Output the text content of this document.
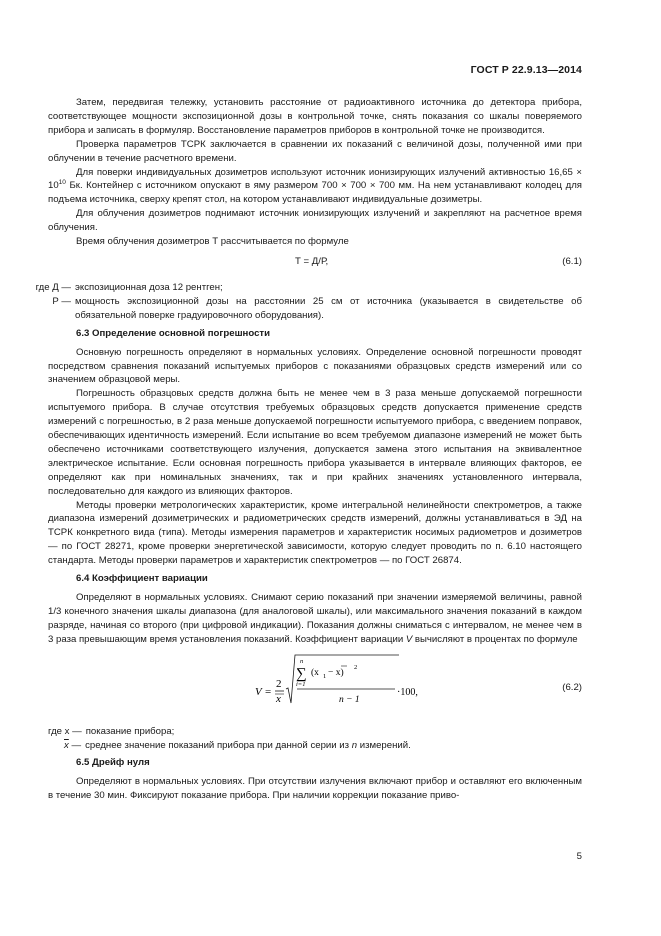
ГОСТ Р 22.9.13—2014

Затем, передвигая тележку, установить расстояние от радиоактивного источника до детектора прибора, соответствующее мощности экспозиционной дозы в контрольной точке, снять показания со шкалы поверяемого прибора и записать в формуляр. Восстановление параметров приборов в контрольной точке не производится.

Проверка параметров ТСРК заключается в сравнении их показаний с величиной дозы, полученной ими при облучении в течение расчетного времени.

Для поверки индивидуальных дозиметров используют источник ионизирующих излучений активностью $16,65 \times 10^{10}$ Бк. Контейнер с источником опускают в яму размером 700 × 700 × 700 мм. На нем устанавливают колодец для подъема источника, сверху крепят стол, на котором устанавливают индивидуальные дозиметры.

Для облучения дозиметров поднимают источник ионизирующих излучений и закрепляют на расчетное время облучения.

Время облучения дозиметров Т рассчитывается по формуле

Т = Д/Р,	(6.1)
где Д — экспозиционная доза 12 рентген;
Р — мощность экспозиционной дозы на расстоянии 25 см от источника (указывается в свидетельстве об обязательной поверке градуировочного оборудования).

6.3 Определение основной погрешности

Основную погрешность определяют в нормальных условиях. Определение основной погрешности проводят посредством сравнения показаний испытуемых приборов с показаниями образцовых средств измерений или со значением образцовой меры.

Погрешность образцовых средств должна быть не менее чем в 3 раза меньше допускаемой погрешности испытуемого прибора. В случае отсутствия требуемых образцовых средств допускается применение средств измерений с погрешностью, в 2 раза меньше допускаемой погрешности испытуемого прибора, с введением поправок, обеспечивающих идентичность измерений. Если испытание во всем требуемом диапазоне измерений не может быть обеспечено источниками соответствующего излучения, допускается замена этого испытания на эквивалентное электрическое испытание. Если основная погрешность прибора указывается в интервале влияющих факторов, ее определяют как при номинальных значениях, так и при крайних значениях установленного интервала, последовательно для каждого из влияющих факторов.

Методы проверки метрологических характеристик, кроме интегральной нелинейности спектрометров, а также диапазона измерений дозиметрических и радиометрических средств измерений, должны устанавливаться в ЭД на ТСРК конкретного вида (типа). Методы измерения параметров и характеристик носимых радиометров и дозиметров — по ГОСТ 28271, кроме проверки энергетической зависимости, которую следует проводить по п. 6.10 настоящего стандарта. Методы проверки параметров и характеристик спектрометров — по ГОСТ 26874.

6.4 Коэффициент вариации

Определяют в нормальных условиях. Снимают серию показаний при значении измеряемой величины, равной 1/3 конечного значения шкалы диапазона (для аналоговой шкалы), или максимального значения показаний в каждом разряде, начиная со второго (при цифровой индикации). Показания должны сниматься с интервалом, не менее чем в 3 раза превышающим время установления показаний. Коэффициент вариации V вычисляют в процентах по формуле

V =
2
x
n
∑
i=1
(x 1 − x)
2
n − 1
·100,	(6.2)
где x — показание прибора;
$\overline{x}$ — среднее значение показаний прибора при данной серии из n измерений.

6.5 Дрейф нуля

Определяют в нормальных условиях. При отсутствии излучения включают прибор и оставляют его включенным в течение 30 мин. Фиксируют показание прибора. При наличии коррекции показание приво-

5
